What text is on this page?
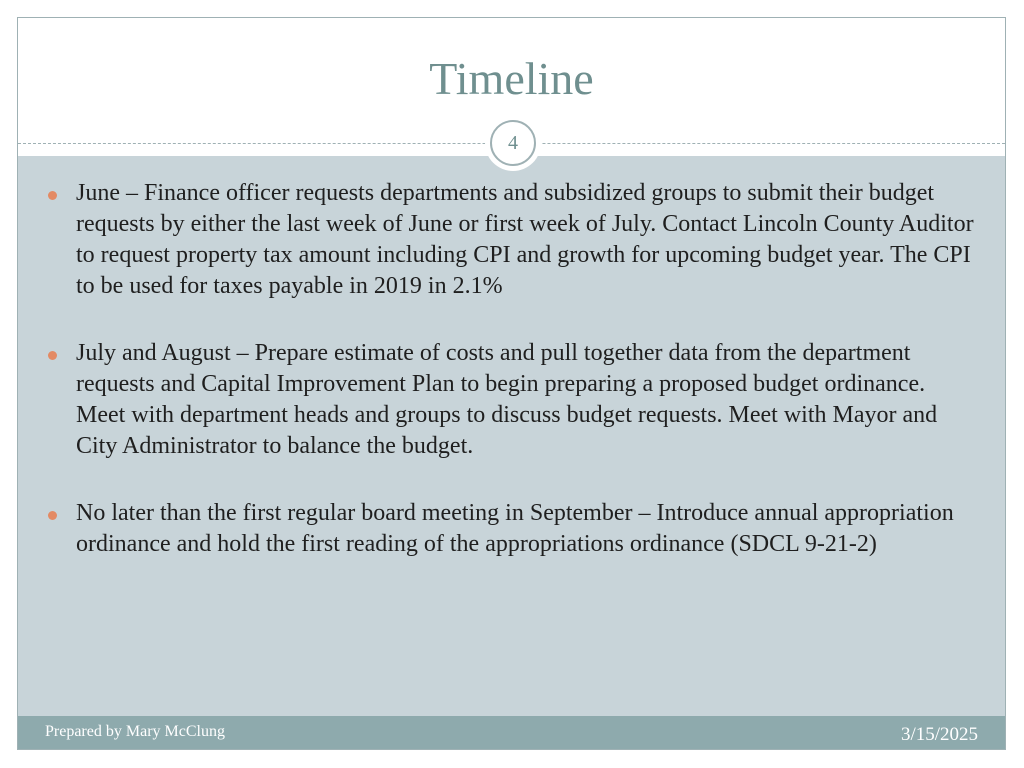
Timeline
4
June – Finance officer requests departments and subsidized groups to submit their budget requests by either the last week of June or first week of July. Contact Lincoln County Auditor to request property tax amount including CPI and growth for upcoming budget year. The CPI to be used for taxes payable in 2019 in 2.1%
July and August – Prepare estimate of costs and pull together data from the department requests and Capital Improvement Plan to begin preparing a proposed budget ordinance. Meet with department heads and groups to discuss budget requests. Meet with Mayor and City Administrator to balance the budget.
No later than the first regular board meeting in September – Introduce annual appropriation ordinance and hold the first reading of the appropriations ordinance (SDCL 9-21-2)
Prepared by Mary McClung	3/15/2025
